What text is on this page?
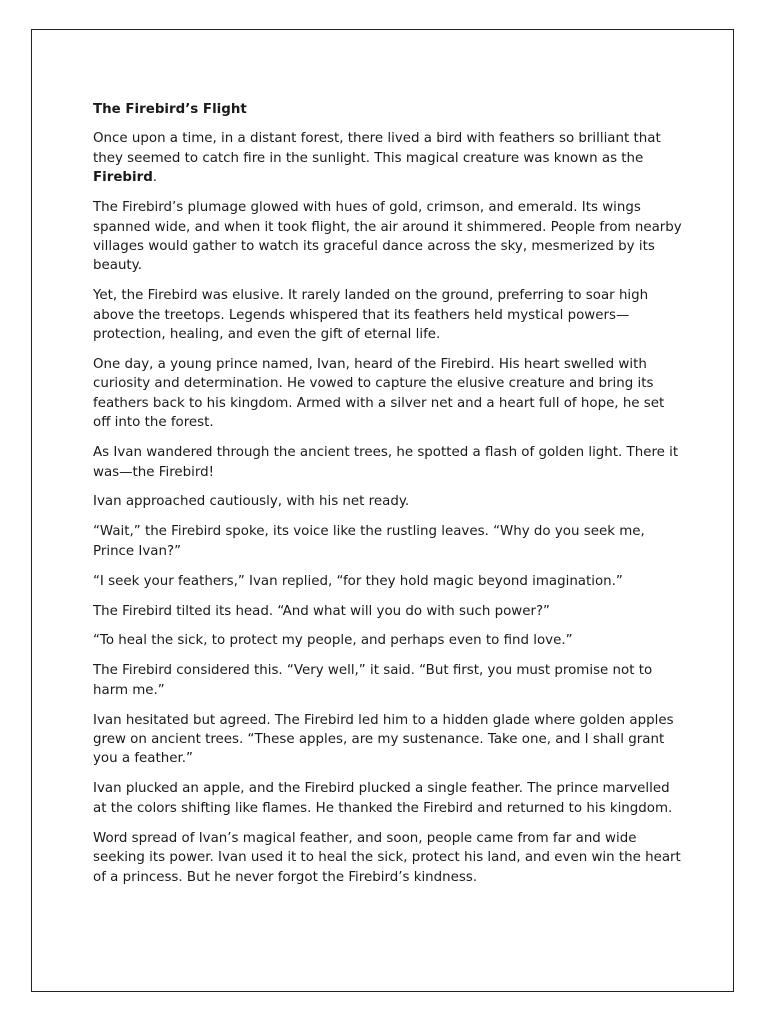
The Firebird’s Flight

Once upon a time, in a distant forest, there lived a bird with feathers so brilliant that they seemed to catch fire in the sunlight. This magical creature was known as the Firebird.

The Firebird’s plumage glowed with hues of gold, crimson, and emerald. Its wings spanned wide, and when it took flight, the air around it shimmered. People from nearby villages would gather to watch its graceful dance across the sky, mesmerized by its beauty.

Yet, the Firebird was elusive. It rarely landed on the ground, preferring to soar high above the treetops. Legends whispered that its feathers held mystical powers—protection, healing, and even the gift of eternal life.

One day, a young prince named, Ivan, heard of the Firebird. His heart swelled with curiosity and determination. He vowed to capture the elusive creature and bring its feathers back to his kingdom. Armed with a silver net and a heart full of hope, he set off into the forest.

As Ivan wandered through the ancient trees, he spotted a flash of golden light. There it was—the Firebird!

Ivan approached cautiously, with his net ready.

“Wait,” the Firebird spoke, its voice like the rustling leaves. “Why do you seek me, Prince Ivan?”

“I seek your feathers,” Ivan replied, “for they hold magic beyond imagination.”

The Firebird tilted its head. “And what will you do with such power?”

“To heal the sick, to protect my people, and perhaps even to find love.”

The Firebird considered this. “Very well,” it said. “But first, you must promise not to harm me.”

Ivan hesitated but agreed. The Firebird led him to a hidden glade where golden apples grew on ancient trees. “These apples, are my sustenance. Take one, and I shall grant you a feather.”

Ivan plucked an apple, and the Firebird plucked a single feather. The prince marvelled at the colors shifting like flames. He thanked the Firebird and returned to his kingdom.

Word spread of Ivan’s magical feather, and soon, people came from far and wide seeking its power. Ivan used it to heal the sick, protect his land, and even win the heart of a princess. But he never forgot the Firebird’s kindness.
